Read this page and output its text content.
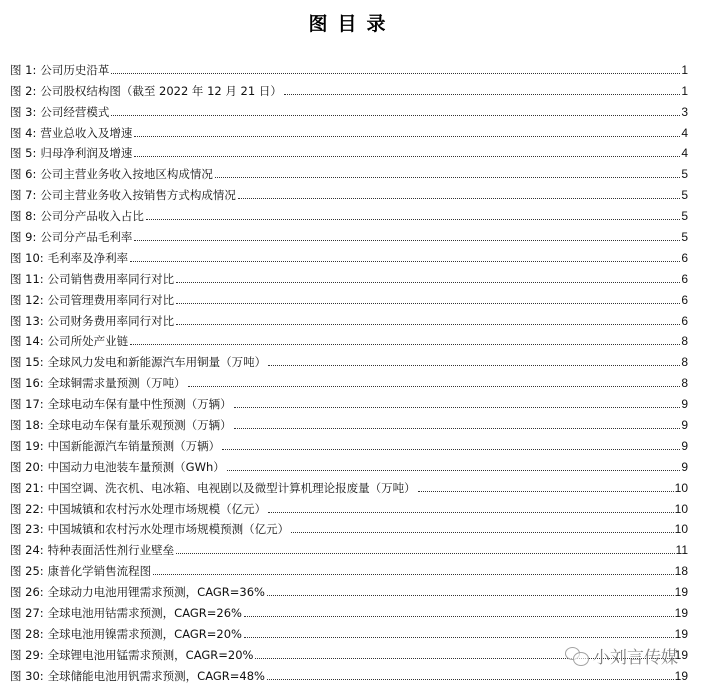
图目录
图 1: 公司历史沿革	1
图 2: 公司股权结构图（截至 2022 年 12 月 21 日）	1
图 3: 公司经营模式	3
图 4: 营业总收入及增速	4
图 5: 归母净利润及增速	4
图 6: 公司主营业务收入按地区构成情况	5
图 7: 公司主营业务收入按销售方式构成情况	5
图 8: 公司分产品收入占比	5
图 9: 公司分产品毛利率	5
图 10: 毛利率及净利率	6
图 11: 公司销售费用率同行对比	6
图 12: 公司管理费用率同行对比	6
图 13: 公司财务费用率同行对比	6
图 14: 公司所处产业链	8
图 15: 全球风力发电和新能源汽车用铜量（万吨）	8
图 16: 全球铜需求量预测（万吨）	8
图 17: 全球电动车保有量中性预测（万辆）	9
图 18: 全球电动车保有量乐观预测（万辆）	9
图 19: 中国新能源汽车销量预测（万辆）	9
图 20: 中国动力电池装车量预测（GWh）	9
图 21: 中国空调、洗衣机、电冰箱、电视剧以及微型计算机理论报废量（万吨）	10
图 22: 中国城镇和农村污水处理市场规模（亿元）	10
图 23: 中国城镇和农村污水处理市场规模预测（亿元）	10
图 24: 特种表面活性剂行业壁垒	11
图 25: 康普化学销售流程图	18
图 26: 全球动力电池用锂需求预测，CAGR=36%	19
图 27: 全球电池用钴需求预测，CAGR=26%	19
图 28: 全球电池用镍需求预测，CAGR=20%	19
图 29: 全球锂电池用锰需求预测，CAGR=20%	19
图 30: 全球储能电池用钒需求预测，CAGR=48%	19
小刘言传媒
